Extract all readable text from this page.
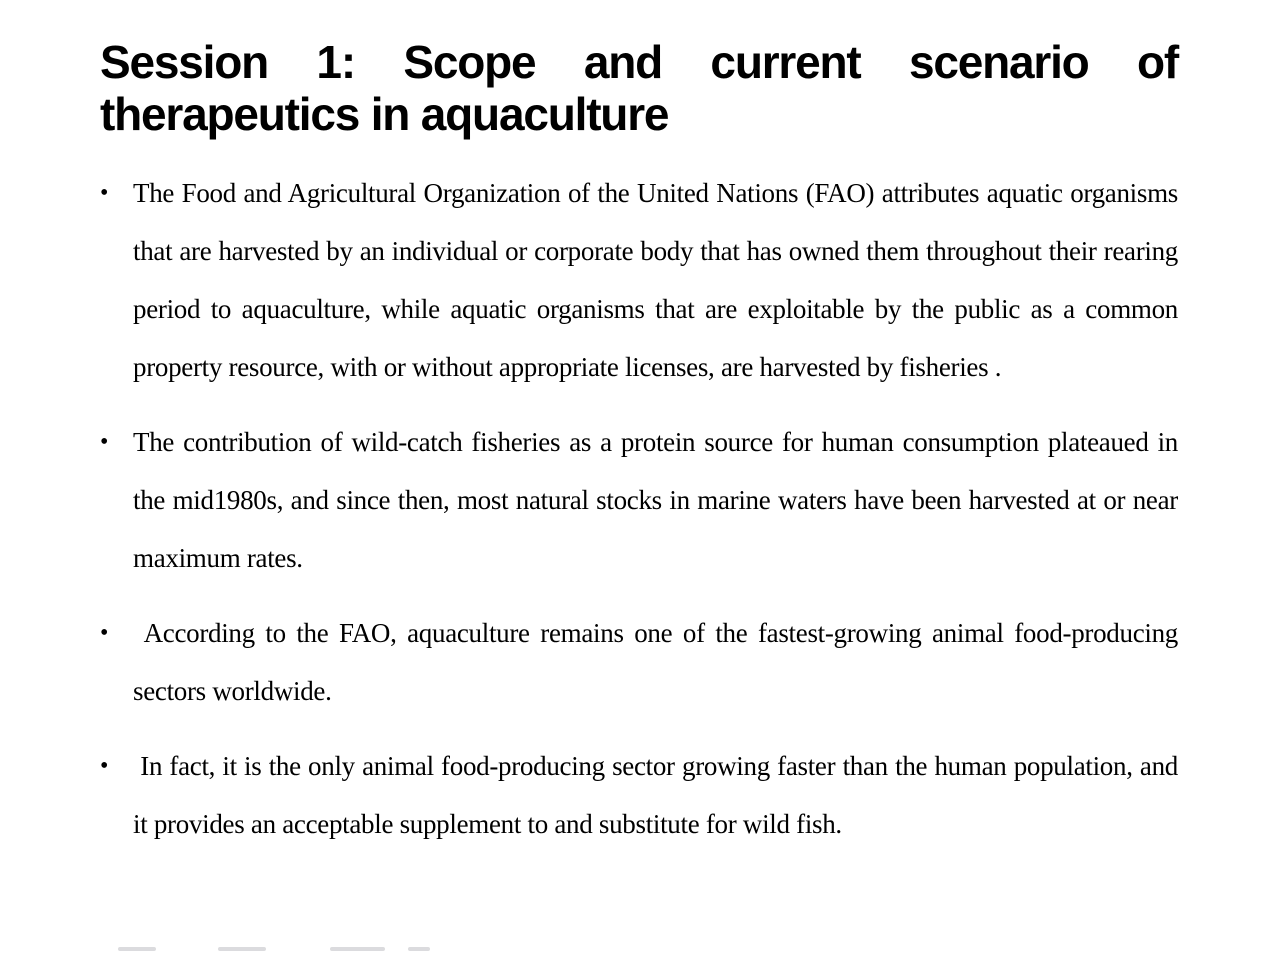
Session 1: Scope and current scenario of therapeutics in aquaculture
• The Food and Agricultural Organization of the United Nations (FAO) attributes aquatic organisms that are harvested by an individual or corporate body that has owned them throughout their rearing period to aquaculture, while aquatic organisms that are exploitable by the public as a common property resource, with or without appropriate licenses, are harvested by fisheries .

• The contribution of wild-catch fisheries as a protein source for human consumption plateaued in the mid1980s, and since then, most natural stocks in marine waters have been harvested at or near maximum rates.

• According to the FAO, aquaculture remains one of the fastest-growing animal food-producing sectors worldwide.

• In fact, it is the only animal food-producing sector growing faster than the human population, and it provides an acceptable supplement to and substitute for wild fish.
